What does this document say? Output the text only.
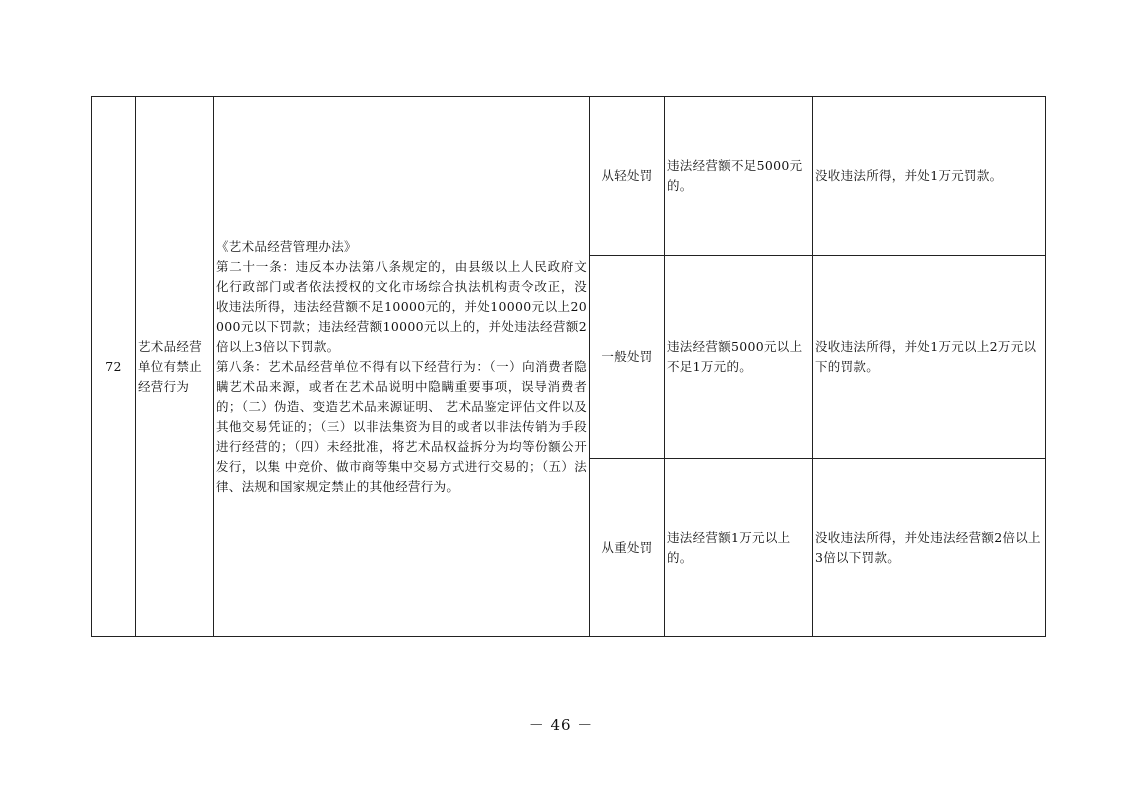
72	艺术品经营单位有禁止经营行为	《艺术品经营管理办法》

第二十一条：违反本办法第八条规定的，由县级以上人民政府文化行政部门或者依法授权的文化市场综合执法机构责令改正，没收违法所得，违法经营额不足10000元的，并处10000元以上20000元以下罚款；违法经营额10000元以上的，并处违法经营额2倍以上3倍以下罚款。

第八条：艺术品经营单位不得有以下经营行为：（一）向消费者隐瞒艺术品来源，或者在艺术品说明中隐瞒重要事项，误导消费者的；（二）伪造、变造艺术品来源证明、 艺术品鉴定评估文件以及其他交易凭证的；（三）以非法集资为目的或者以非法传销为手段进行经营的；（四）未经批准，将艺术品权益拆分为均等份额公开发行，以集 中竞价、做市商等集中交易方式进行交易的；（五）法律、法规和国家规定禁止的其他经营行为。	从轻处罚	违法经营额不足5000元的。	没收违法所得，并处1万元罚款。
			一般处罚	违法经营额5000元以上不足1万元的。	没收违法所得，并处1万元以上2万元以下的罚款。
			从重处罚	违法经营额1万元以上的。	没收违法所得，并处违法经营额2倍以上3倍以下罚款。
－ 46 －
